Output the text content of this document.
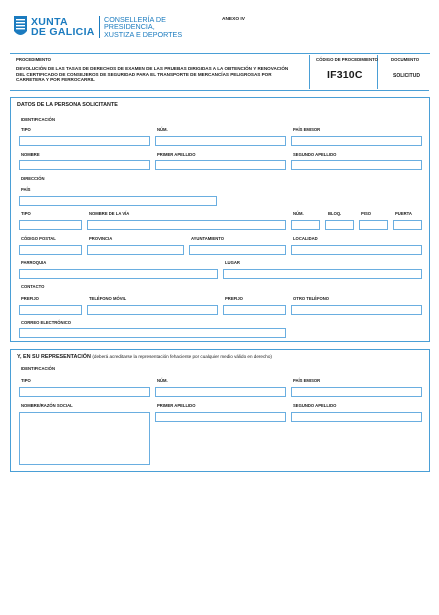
XUNTA
DE GALICIA
CONSELLERÍA DE
PRESIDENCIA,
XUSTIZA E DEPORTES
ANEXO IV
PROCEDIMENTO
DEVOLUCIÓN DE LAS TASAS DE DERECHOS DE EXAMEN DE LAS PRUEBAS DIRIGIDAS A LA OBTENCIÓN Y RENOVACIÓN DEL CERTIFICADO DE CONSEJEROS DE SEGURIDAD PARA EL TRANSPORTE DE MERCANCÍAS PELIGROSAS POR CARRETERA Y POR FERROCARRIL
CÓDIGO DE PROCEDIMIENTO
IF310C
DOCUMENTO
SOLICITUD
DATOS DE LA PERSONA SOLICITANTE
IDENTIFICACIÓN
TIPO	NÚM.	PAÍS EMISOR
NOMBRE	PRIMER APELLIDO	SEGUNDO APELLIDO
DIRECCIÓN
PAÍS
TIPO	NOMBRE DE LA VÍA	NÚM.	BLOQ.	PISO	PUERTA
CÓDIGO POSTAL	PROVINCIA	AYUNTAMIENTO	LOCALIDAD
PARROQUIA	LUGAR
CONTACTO
PREFIJO	TELÉFONO MÓVIL	PREFIJO	OTRO TELÉFONO
CORREO ELECTRÓNICO
Y, EN SU REPRESENTACIÓN (deberá acreditarse la representación fehaciente por cualquier medio válido en derecho)
IDENTIFICACIÓN
TIPO	NÚM.	PAÍS EMISOR
NOMBRE/RAZÓN SOCIAL	PRIMER APELLIDO	SEGUNDO APELLIDO
